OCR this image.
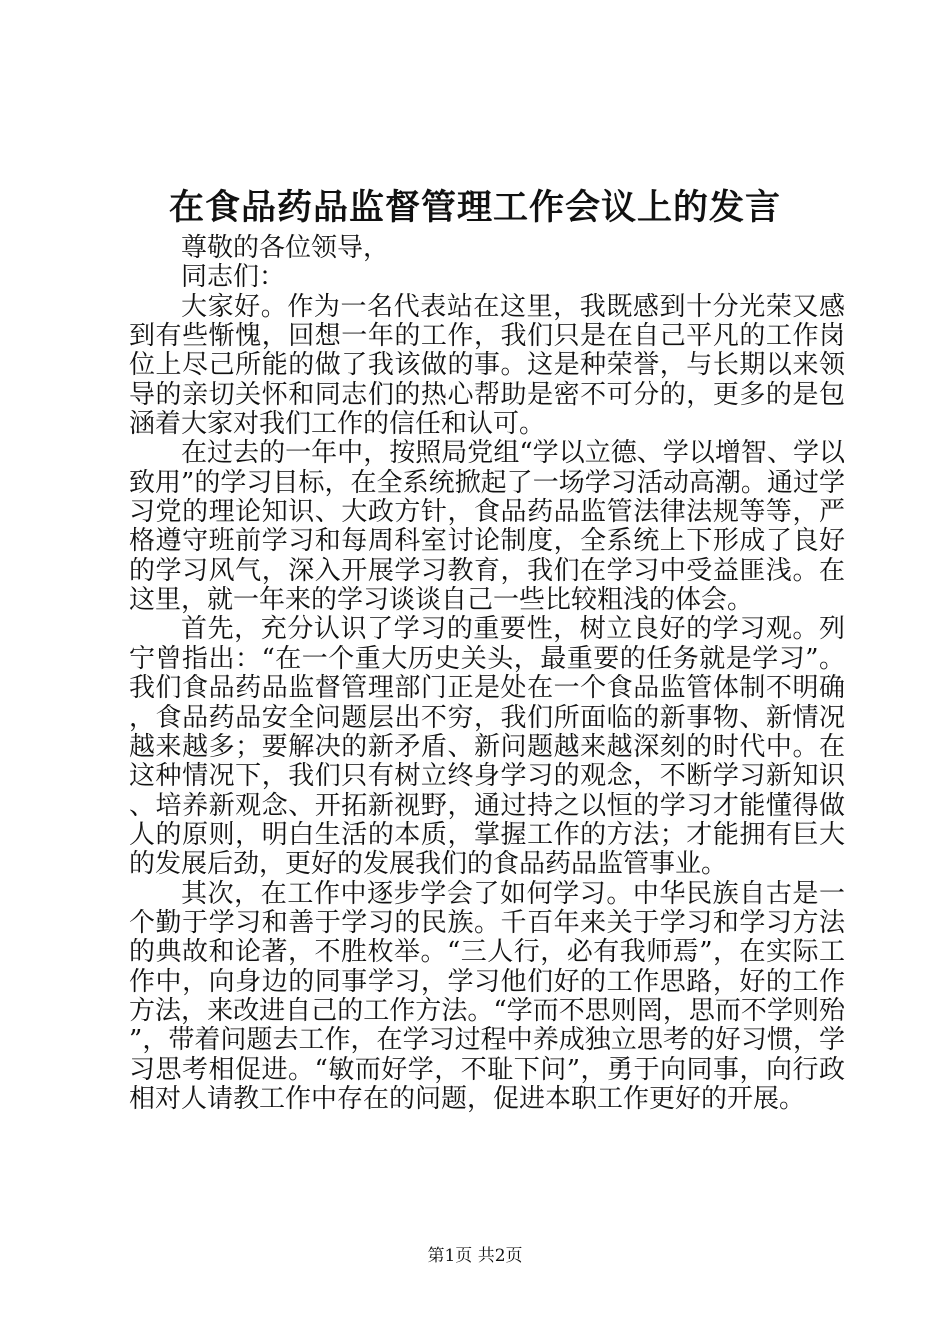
在食品药品监督管理工作会议上的发言

尊敬的各位领导，

同志们：

大家好。作为一名代表站在这里，我既感到十分光荣又感到有些惭愧，回想一年的工作，我们只是在自己平凡的工作岗位上尽己所能的做了我该做的事。这是种荣誉，与长期以来领导的亲切关怀和同志们的热心帮助是密不可分的，更多的是包涵着大家对我们工作的信任和认可。

在过去的一年中，按照局党组“学以立德、学以增智、学以致用”的学习目标，在全系统掀起了一场学习活动高潮。通过学习党的理论知识、大政方针，食品药品监管法律法规等等，严格遵守班前学习和每周科室讨论制度，全系统上下形成了良好的学习风气，深入开展学习教育，我们在学习中受益匪浅。在这里，就一年来的学习谈谈自己一些比较粗浅的体会。

首先，充分认识了学习的重要性，树立良好的学习观。列宁曾指出：“在一个重大历史关头，最重要的任务就是学习”。我们食品药品监督管理部门正是处在一个食品监管体制不明确，食品药品安全问题层出不穷，我们所面临的新事物、新情况越来越多；要解决的新矛盾、新问题越来越深刻的时代中。在这种情况下，我们只有树立终身学习的观念，不断学习新知识、培养新观念、开拓新视野，通过持之以恒的学习才能懂得做人的原则，明白生活的本质，掌握工作的方法；才能拥有巨大的发展后劲，更好的发展我们的食品药品监管事业。

其次，在工作中逐步学会了如何学习。中华民族自古是一个勤于学习和善于学习的民族。千百年来关于学习和学习方法的典故和论著，不胜枚举。“三人行，必有我师焉”，在实际工作中，向身边的同事学习，学习他们好的工作思路，好的工作方法，来改进自己的工作方法。“学而不思则罔，思而不学则殆”，带着问题去工作，在学习过程中养成独立思考的好习惯，学习思考相促进。“敏而好学，不耻下问”，勇于向同事，向行政相对人请教工作中存在的问题，促进本职工作更好的开展。

第1页 共2页
